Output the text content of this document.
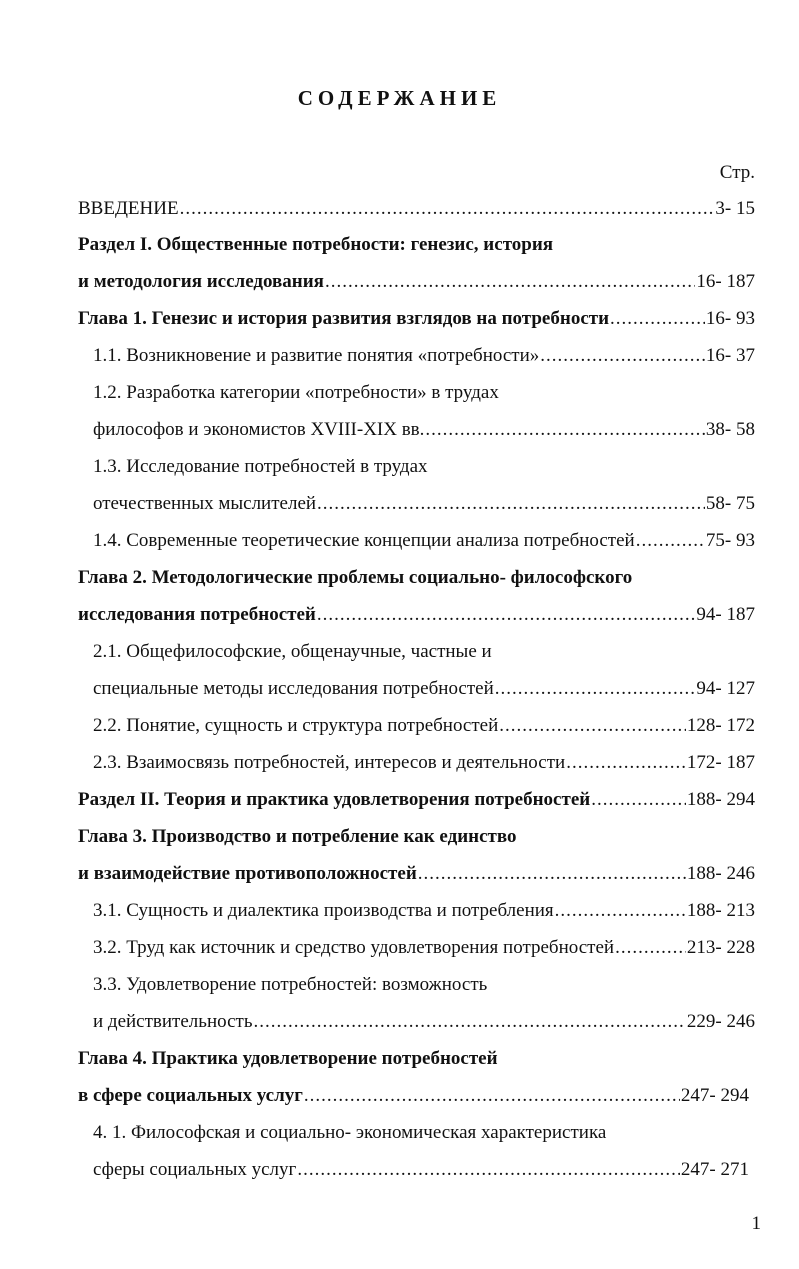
СОДЕРЖАНИЕ
Стр.
ВВЕДЕНИЕ .....	3- 15
Раздел I. Общественные потребности: генезис, история
и методология исследования .....	16- 187
Глава 1. Генезис и история развития взглядов на потребности .....	16- 93
1.1. Возникновение и развитие понятия «потребности» .....	16- 37
1.2. Разработка категории «потребности» в трудах
философов и экономистов XVIII-XIX вв. .....	38- 58
1.3. Исследование потребностей в трудах
отечественных мыслителей .....	58- 75
1.4. Современные теоретические концепции анализа потребностей .....	75- 93
Глава 2. Методологические проблемы социально- философского
исследования потребностей .....	94- 187
2.1. Общефилософские, общенаучные, частные и
специальные методы исследования потребностей .....	94- 127
2.2. Понятие, сущность и структура потребностей .....	128- 172
2.3. Взаимосвязь потребностей, интересов и деятельности .....	172- 187
Раздел II. Теория и практика удовлетворения потребностей .....	188- 294
Глава 3. Производство и потребление как единство
и взаимодействие противоположностей .....	188- 246
3.1. Сущность и диалектика производства и потребления .....	188- 213
3.2. Труд как источник и средство удовлетворения потребностей .....	213- 228
3.3. Удовлетворение потребностей: возможность
и действительность .....	229- 246
Глава 4. Практика удовлетворение потребностей
в сфере социальных услуг .....	247- 294
4. 1. Философская и социально- экономическая характеристика
сферы социальных услуг .....	247- 271
1
